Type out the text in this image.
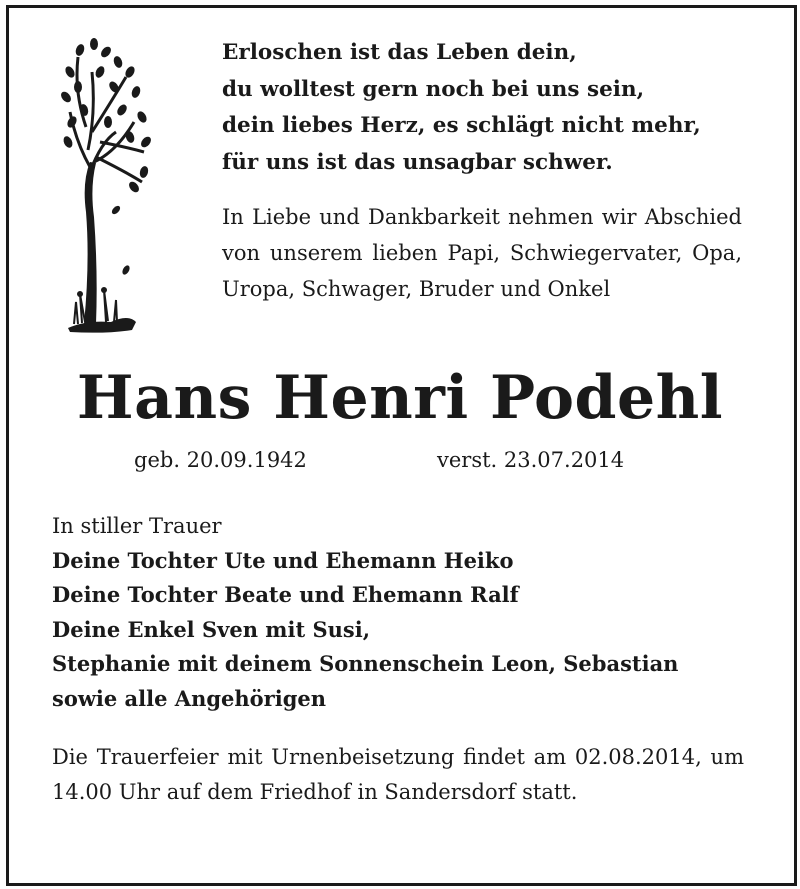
Erloschen ist das Leben dein,
du wolltest gern noch bei uns sein,
dein liebes Herz, es schlägt nicht mehr,
für uns ist das unsagbar schwer.
In Liebe und Dankbarkeit nehmen wir Abschied von unserem lieben Papi, Schwiegervater, Opa, Uropa, Schwager, Bruder und Onkel
Hans Henri Podehl
geb. 20.09.1942	verst. 23.07.2014
In stiller Trauer
Deine Tochter Ute und Ehemann Heiko
Deine Tochter Beate und Ehemann Ralf
Deine Enkel Sven mit Susi,
Stephanie mit deinem Sonnenschein Leon, Sebastian
sowie alle Angehörigen
Die Trauerfeier mit Urnenbeisetzung findet am 02.08.2014, um 14.00 Uhr auf dem Friedhof in Sandersdorf statt.
